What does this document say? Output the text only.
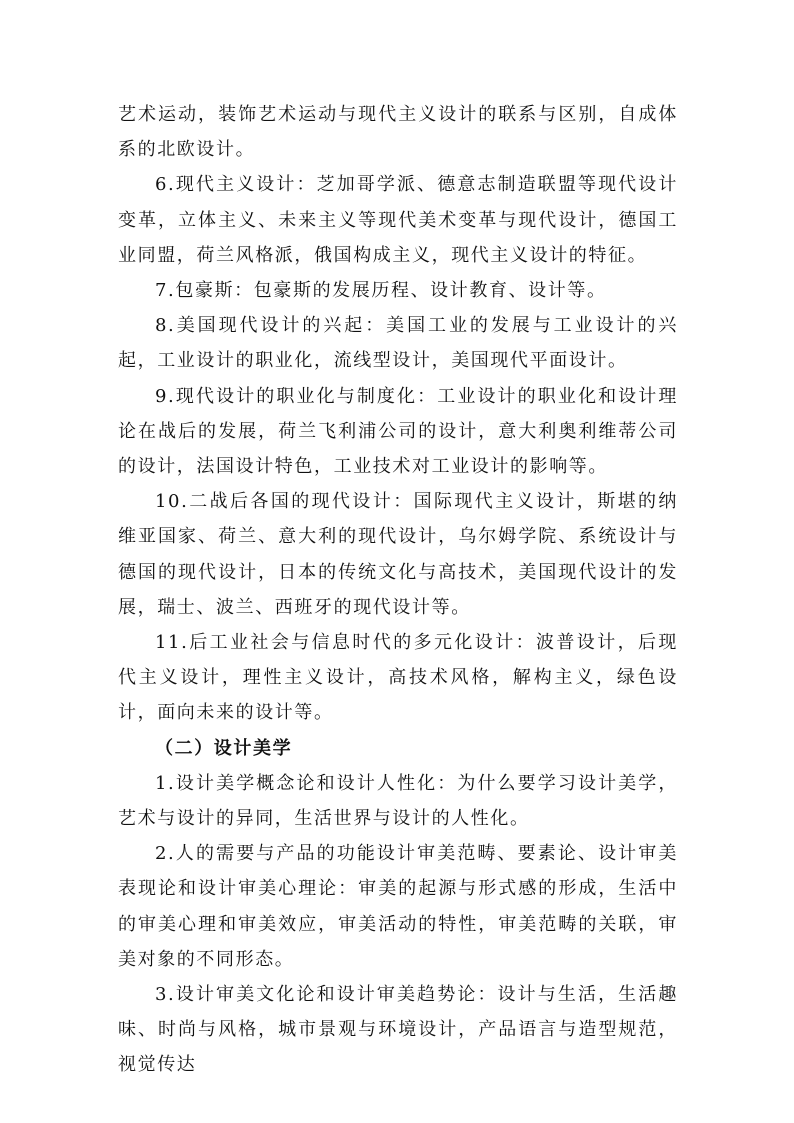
艺术运动，装饰艺术运动与现代主义设计的联系与区别，自成体系的北欧设计。

6.现代主义设计：芝加哥学派、德意志制造联盟等现代设计变革，立体主义、未来主义等现代美术变革与现代设计，德国工业同盟，荷兰风格派，俄国构成主义，现代主义设计的特征。

7.包豪斯：包豪斯的发展历程、设计教育、设计等。

8.美国现代设计的兴起：美国工业的发展与工业设计的兴起，工业设计的职业化，流线型设计，美国现代平面设计。

9.现代设计的职业化与制度化：工业设计的职业化和设计理论在战后的发展，荷兰飞利浦公司的设计，意大利奥利维蒂公司的设计，法国设计特色，工业技术对工业设计的影响等。

10.二战后各国的现代设计：国际现代主义设计，斯堪的纳维亚国家、荷兰、意大利的现代设计，乌尔姆学院、系统设计与德国的现代设计，日本的传统文化与高技术，美国现代设计的发展，瑞士、波兰、西班牙的现代设计等。

11.后工业社会与信息时代的多元化设计：波普设计，后现代主义设计，理性主义设计，高技术风格，解构主义，绿色设计，面向未来的设计等。

（二）设计美学

1.设计美学概念论和设计人性化：为什么要学习设计美学，艺术与设计的异同，生活世界与设计的人性化。

2.人的需要与产品的功能设计审美范畴、要素论、设计审美表现论和设计审美心理论：审美的起源与形式感的形成，生活中的审美心理和审美效应，审美活动的特性，审美范畴的关联，审美对象的不同形态。

3.设计审美文化论和设计审美趋势论：设计与生活，生活趣味、时尚与风格，城市景观与环境设计，产品语言与造型规范，视觉传达
